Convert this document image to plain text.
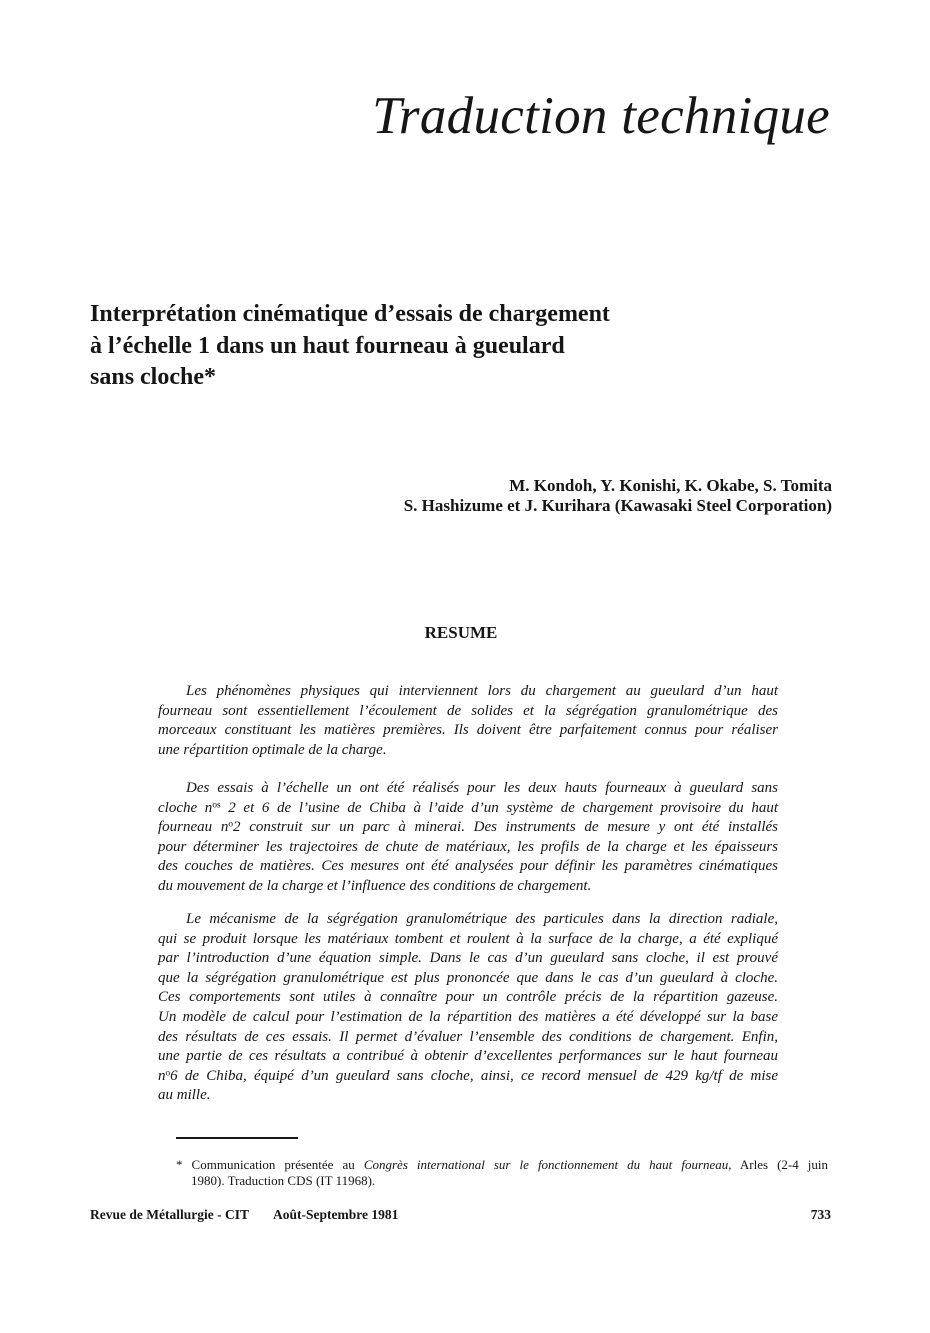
Traduction technique
Interprétation cinématique d’essais de chargement
à l’échelle 1 dans un haut fourneau à gueulard
sans cloche*
M. Kondoh, Y. Konishi, K. Okabe, S. Tomita
S. Hashizume et J. Kurihara (Kawasaki Steel Corporation)
RESUME
Les phénomènes physiques qui interviennent lors du chargement au gueulard d’un haut
fourneau sont essentiellement l’écoulement de solides et la ségrégation granulométrique des
morceaux constituant les matières premières. Ils doivent être parfaitement connus pour réaliser
une répartition optimale de la charge.
Des essais à l’échelle un ont été réalisés pour les deux hauts fourneaux à gueulard sans
cloche $n^{os}$ 2 et 6 de l’usine de Chiba à l’aide d’un système de chargement provisoire du haut
fourneau $n^o2$ construit sur un parc à minerai. Des instruments de mesure y ont été installés
pour déterminer les trajectoires de chute de matériaux, les profils de la charge et les épaisseurs
des couches de matières. Ces mesures ont été analysées pour définir les paramètres cinématiques
du mouvement de la charge et l’influence des conditions de chargement.
Le mécanisme de la ségrégation granulométrique des particules dans la direction radiale,
qui se produit lorsque les matériaux tombent et roulent à la surface de la charge, a été expliqué
par l’introduction d’une équation simple. Dans le cas d’un gueulard sans cloche, il est prouvé
que la ségrégation granulométrique est plus prononcée que dans le cas d’un gueulard à cloche.
Ces comportements sont utiles à connaître pour un contrôle précis de la répartition gazeuse.
Un modèle de calcul pour l’estimation de la répartition des matières a été développé sur la base
des résultats de ces essais. Il permet d’évaluer l’ensemble des conditions de chargement. Enfin,
une partie de ces résultats a contribué à obtenir d’excellentes performances sur le haut fourneau
$n^o6$ de Chiba, équipé d’un gueulard sans cloche, ainsi, ce record mensuel de 429 kg/tf de mise
au mille.
* Communication présentée au Congrès international sur le fonctionnement du haut fourneau, Arles (2-4 juin
1980). Traduction CDS (IT 11968).
Revue de Métallurgie - CIT Août-Septembre 1981	733
